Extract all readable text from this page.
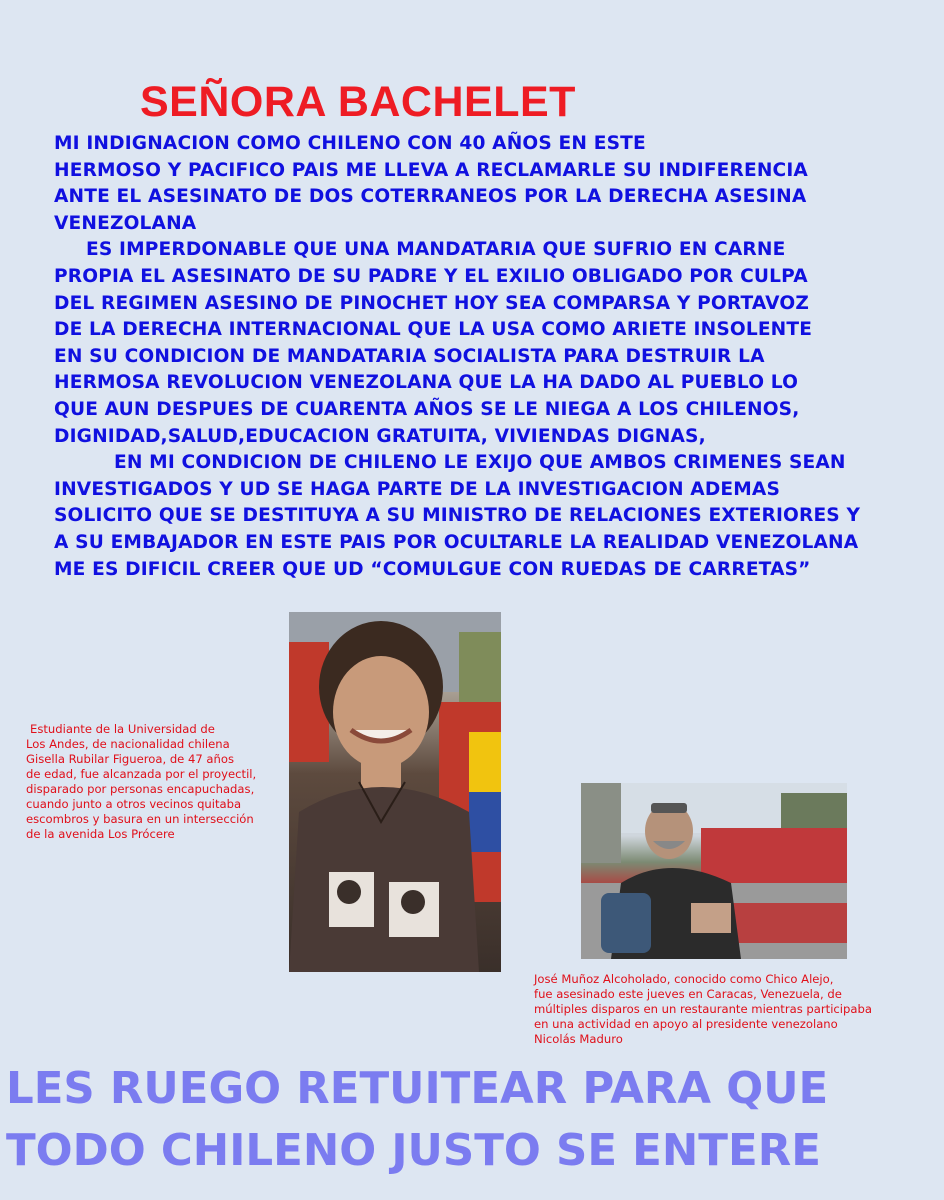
SEÑORA BACHELET
MI INDIGNACION COMO CHILENO CON 40 AÑOS EN ESTE
HERMOSO Y PACIFICO PAIS ME LLEVA A RECLAMARLE SU INDIFERENCIA
ANTE EL ASESINATO DE DOS COTERRANEOS POR LA DERECHA ASESINA
VENEZOLANA
ES IMPERDONABLE QUE UNA MANDATARIA QUE SUFRIO EN CARNE
PROPIA EL ASESINATO DE SU PADRE Y EL EXILIO OBLIGADO POR CULPA
DEL REGIMEN ASESINO DE PINOCHET HOY SEA COMPARSA Y PORTAVOZ
DE LA DERECHA INTERNACIONAL QUE LA USA COMO ARIETE INSOLENTE
EN SU CONDICION DE MANDATARIA SOCIALISTA PARA DESTRUIR LA
HERMOSA REVOLUCION VENEZOLANA QUE LA HA DADO AL PUEBLO LO
QUE AUN DESPUES DE CUARENTA AÑOS SE LE NIEGA A LOS CHILENOS,
DIGNIDAD,SALUD,EDUCACION GRATUITA, VIVIENDAS DIGNAS,
EN MI CONDICION DE CHILENO LE EXIJO QUE AMBOS CRIMENES SEAN
INVESTIGADOS Y UD SE HAGA PARTE DE LA INVESTIGACION ADEMAS
SOLICITO QUE SE DESTITUYA A SU MINISTRO DE RELACIONES EXTERIORES Y
A SU EMBAJADOR EN ESTE PAIS POR OCULTARLE LA REALIDAD VENEZOLANA
ME ES DIFICIL CREER QUE UD “COMULGUE CON RUEDAS DE CARRETAS”
Estudiante de la Universidad de
Los Andes, de nacionalidad chilena
Gisella Rubilar Figueroa, de 47 años
de edad, fue alcanzada por el proyectil,
disparado por personas encapuchadas,
cuando junto a otros vecinos quitaba
escombros y basura en un intersección
de la avenida Los Prócere
José Muñoz Alcoholado, conocido como Chico Alejo,
fue asesinado este jueves en Caracas, Venezuela, de
múltiples disparos en un restaurante mientras participaba
en una actividad en apoyo al presidente venezolano
Nicolás Maduro
LES RUEGO RETUITEAR PARA QUE
TODO CHILENO JUSTO SE ENTERE
